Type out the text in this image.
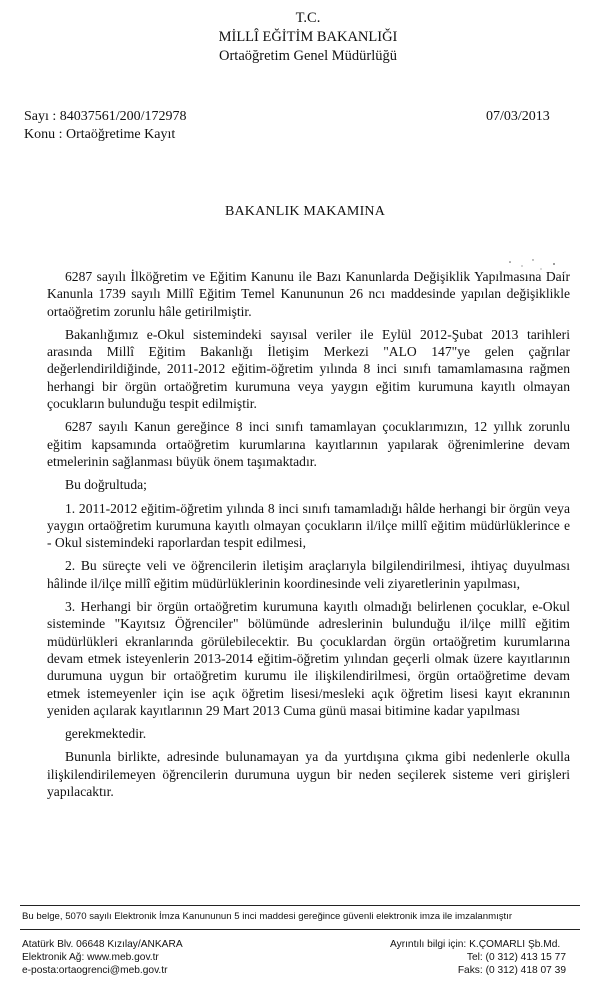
T.C.
MİLLÎ EĞİTİM BAKANLIĞI
Ortaöğretim Genel Müdürlüğü
Sayı : 84037561/200/172978	07/03/2013
Konu : Ortaöğretime Kayıt
BAKANLIK MAKAMINA

6287 sayılı İlköğretim ve Eğitim Kanunu ile Bazı Kanunlarda Değişiklik Yapılmasına Dair Kanunla 1739 sayılı Millî Eğitim Temel Kanununun 26 ncı maddesinde yapılan değişiklikle ortaöğretim zorunlu hâle getirilmiştir.

Bakanlığımız e-Okul sistemindeki sayısal veriler ile Eylül 2012-Şubat 2013 tarihleri arasında Millî Eğitim Bakanlığı İletişim Merkezi "ALO 147"ye gelen çağrılar değerlendirildiğinde, 2011-2012 eğitim-öğretim yılında 8 inci sınıfı tamamlamasına rağmen herhangi bir örgün ortaöğretim kurumuna veya yaygın eğitim kurumuna kayıtlı olmayan çocukların bulunduğu tespit edilmiştir.

6287 sayılı Kanun gereğince 8 inci sınıfı tamamlayan çocuklarımızın, 12 yıllık zorunlu eğitim kapsamında ortaöğretim kurumlarına kayıtlarının yapılarak öğrenimlerine devam etmelerinin sağlanması büyük önem taşımaktadır.

Bu doğrultuda;

1. 2011-2012 eğitim-öğretim yılında 8 inci sınıfı tamamladığı hâlde herhangi bir örgün veya yaygın ortaöğretim kurumuna kayıtlı olmayan çocukların il/ilçe millî eğitim müdürlüklerince e - Okul sistemindeki raporlardan tespit edilmesi,

2. Bu süreçte veli ve öğrencilerin iletişim araçlarıyla bilgilendirilmesi, ihtiyaç duyulması hâlinde il/ilçe millî eğitim müdürlüklerinin koordinesinde veli ziyaretlerinin yapılması,

3. Herhangi bir örgün ortaöğretim kurumuna kayıtlı olmadığı belirlenen çocuklar, e-Okul sisteminde "Kayıtsız Öğrenciler" bölümünde adreslerinin bulunduğu il/ilçe millî eğitim müdürlükleri ekranlarında görülebilecektir. Bu çocuklardan örgün ortaöğretim kurumlarına devam etmek isteyenlerin 2013-2014 eğitim-öğretim yılından geçerli olmak üzere kayıtlarının durumuna uygun bir ortaöğretim kurumu ile ilişkilendirilmesi, örgün ortaöğretime devam etmek istemeyenler için ise açık öğretim lisesi/mesleki açık öğretim lisesi kayıt ekranının yeniden açılarak kayıtlarının 29 Mart 2013 Cuma günü masai bitimine kadar yapılması

gerekmektedir.

Bununla birlikte, adresinde bulunamayan ya da yurtdışına çıkma gibi nedenlerle okulla ilişkilendirilemeyen öğrencilerin durumuna uygun bir neden seçilerek sisteme veri girişleri yapılacaktır.

Bu belge, 5070 sayılı Elektronik İmza Kanununun 5 inci maddesi gereğince güvenli elektronik imza ile imzalanmıştır
Atatürk Blv. 06648 Kızılay/ANKARA
Elektronik Ağ: www.meb.gov.tr
e-posta:ortaogrenci@meb.gov.tr
Ayrıntılı bilgi için: K.ÇOMARLI Şb.Md.
Tel: (0 312) 413 15 77
Faks: (0 312) 418 07 39
